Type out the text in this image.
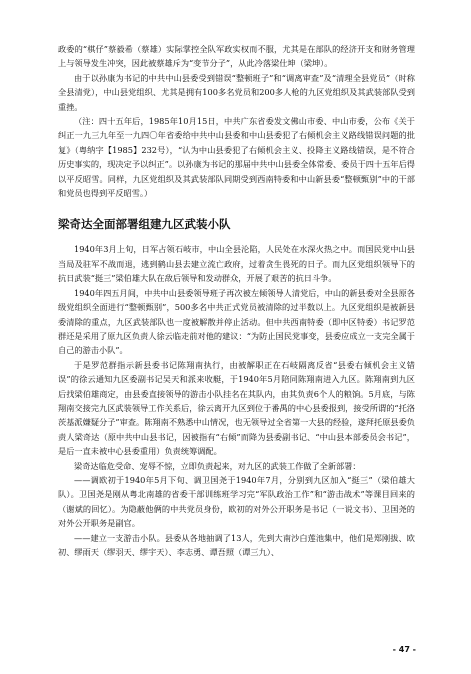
政委的“棋仔”蔡毅希（蔡雄）实际掌控全队军政实权而不服，尤其是在部队的经济开支和财务管理上与领导发生冲突，因此被蔡雄斥为“变节分子”，从此冷落梁仕坤（梁坤）。

由于以孙康为书记的中共中山县委受到错误“整顿班子”和“调离审查”及“清理全县党员”（时称全县清党），中山县党组织、尤其是拥有100多名党员和200多人枪的九区党组织及其武装部队受到重挫。

（注：四十五年后，1985年10月15日，中共广东省委发文佛山市委、中山市委，公布《关于纠正一九三九年至一九四〇年省委给中共中山县委和中山县委犯了右倾机会主义路线错误问题的批复》（粤纳字【1985】232号），“认为中山县委犯了右倾机会主义、投降主义路线错误，是不符合历史事实的，现决定予以纠正”。以孙康为书记的那届中共中山县委全体常委、委员于四十五年后得以平反昭雪。同样，九区党组织及其武装部队同期受到西南特委和中山新县委“整顿甄别”中的干部和党员也得到平反昭雪。）

梁奇达全面部署组建九区武装小队

1940年3月上旬，日军占领石岐市，中山全县沦陷，人民处在水深火热之中。而国民党中山县当局及驻军不战而退，逃到鹤山县去建立流亡政府，过着贪生畏死的日子。而九区党组织领导下的抗日武装“挺三”梁伯雄大队在敌后领导和发动群众，开展了艰苦的抗日斗争。

1940年四五月间，中共中山县委领导班子再次被左倾领导人清党后，中山的新县委对全县原各级党组织全面进行“整顿甄别”，500多名中共正式党员被清除的过半数以上。九区党组织是被新县委清除的重点，九区武装部队也一度被解散并停止活动。但中共西南特委（即中区特委）书记罗范群还是采用了原九区负责人徐云临走前对他的建议：“为防止国民党事变，县委应成立一支完全属于自己的游击小队”。

于是罗范群指示新县委书记陈翔南执行，由被解职正在石岐隔离反省“县委右倾机会主义错误”的徐云通知九区委副书记吴天和派来收艇，于1940年5月陪同陈翔南进入九区。陈翔南到九区后找梁伯雄商定，由县委直接领导的游击小队挂名在其队内，由其负责6个人的粮饷。5月底，与陈翔南交接完九区武装领导工作关系后，徐云离开九区到位于番禺的中心县委报到，接受所谓的“托洛茨基派嫌疑分子”审查。陈翔南不熟悉中山情况，也无领导过全省第一大县的经验，遂拜托原县委负责人梁奇达（原中共中山县书记，因被指有“右倾”而降为县委副书记、“中山县本部委员会书记”，是后一直未被中心县委重用）负责统筹调配。

梁奇达临危受命、宠辱不惊，立即负责起来，对九区的武装工作做了全新部署：

——调欧初于1940年5月下旬、调卫国尧于1940年7月，分别到九区加入“挺三”（梁伯雄大队）。卫国尧是刚从粤北南雄的省委干部训练班学习完“军队政治工作”和“游击战术”等课目回来的（谢斌的回忆）。为隐蔽他俩的中共党员身份，欧初的对外公开职务是书记（一说文书）、卫国尧的对外公开职务是副官。

——建立一支游击小队。县委从各地抽调了13人，先到大南沙白莲池集中，他们是郑刚拔、欧初、缪雨天（缪羽天、缪宇天）、李志勇、谭吾照（谭三九）、

- 47 -
